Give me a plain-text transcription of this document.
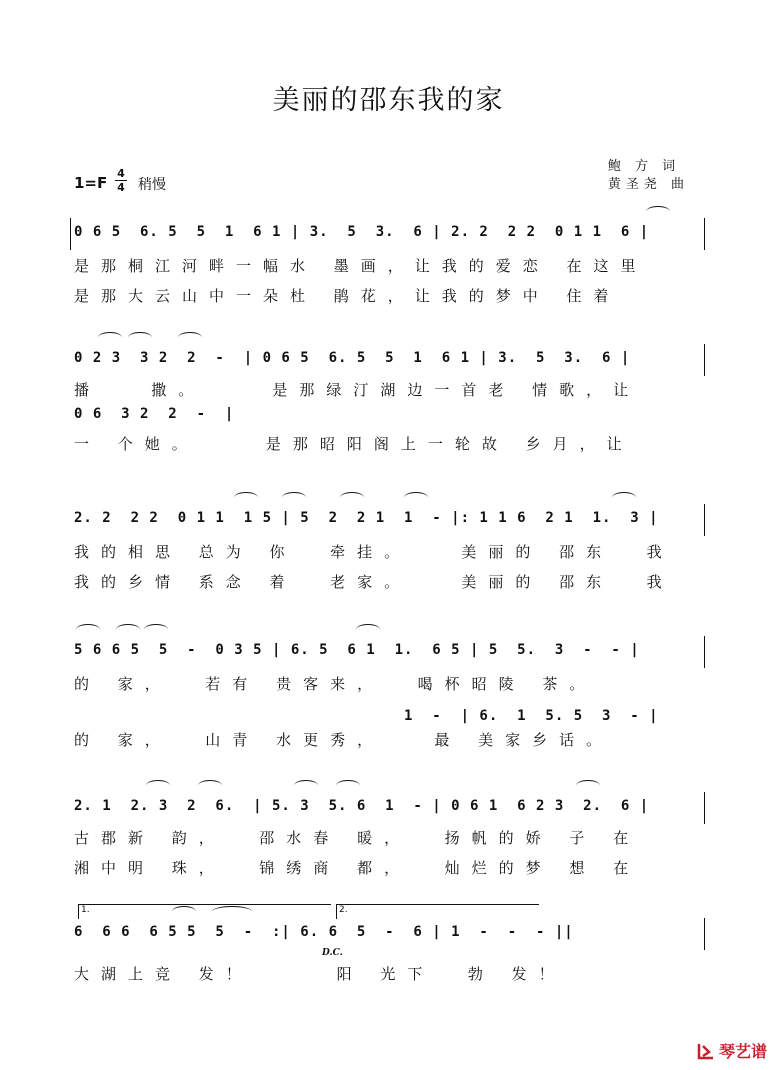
美丽的邵东我的家
鲍 方 词
黄圣尧 曲
1=F
4
4 稍慢
0 6 5  6. 5  5  1  6 1 | 3.  5  3.  6 | 2. 2  2 2  0 1 1  6 |
是那桐江河畔一幅水 墨画，让我的爱恋 在这里
是那大云山中一朵杜 鹃花，让我的梦中 住着
0 2 3  3 2  2  -  | 0 6 5  6. 5  5  1  6 1 | 3.  5  3.  6 |
播   撒。    是那绿汀湖边一首老 情歌，让
0 6  3 2  2  -  |
一 个她。    是那昭阳阁上一轮故 乡月，让
2. 2  2 2  0 1 1  1 5 | 5  2  2 1  1  - |: 1 1 6  2 1  1.  3 |
我的相思 总为 你  牵挂。   美丽的 邵东  我
我的乡情 系念 着  老家。   美丽的 邵东  我
5 6 6 5  5  -  0 3 5 | 6. 5  6 1  1.  6 5 | 5  5.  3  -  - |
的 家，  若有 贵客来，  喝杯昭陵 茶。
1  -  | 6.  1  5. 5  3  - |
的 家，  山青 水更秀，   最 美家乡话。
2. 1  2. 3  2  6.  | 5. 3  5. 6  1  - | 0 6 1  6 2 3  2.  6 |
古郡新 韵，  邵水春 暖，  扬帆的娇 子 在
湘中明 珠，  锦绣商 都，  灿烂的梦 想 在
1.	2.
6  6 6  6 5 5  5  -  :| 6. 6  5  -  6 | 1  -  -  - ||
D.C.
大湖上竞 发！     阳 光下  勃 发！
琴艺谱
